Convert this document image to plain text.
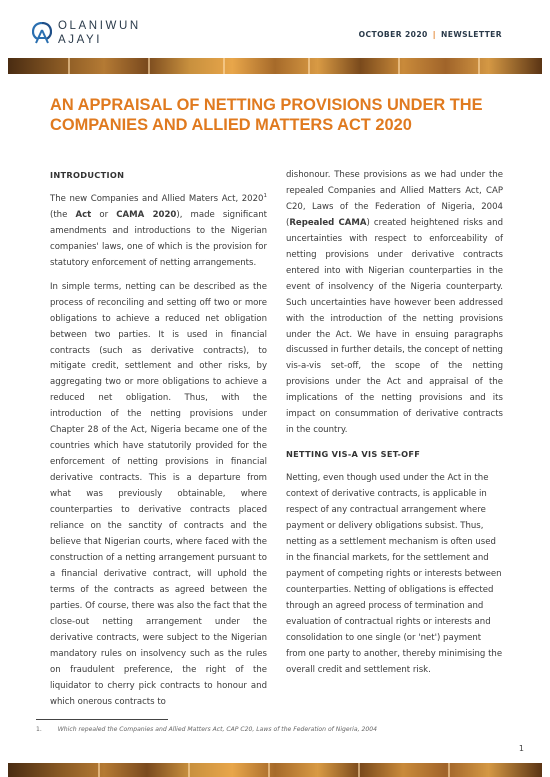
OLANIWUN
AJAYI	OCTOBER 2020 | NEWSLETTER
AN APPRAISAL OF NETTING PROVISIONS UNDER THE COMPANIES AND ALLIED MATTERS ACT 2020
INTRODUCTION

The new Companies and Allied Maters Act, 2020$^1$ (the Act or CAMA 2020), made significant amendments and introductions to the Nigerian companies' laws, one of which is the provision for statutory enforcement of netting arrangements.

In simple terms, netting can be described as the process of reconciling and setting off two or more obligations to achieve a reduced net obligation between two parties. It is used in financial contracts (such as derivative contracts), to mitigate credit, settlement and other risks, by aggregating two or more obligations to achieve a reduced net obligation. Thus, with the introduction of the netting provisions under Chapter 28 of the Act, Nigeria became one of the countries which have statutorily provided for the enforcement of netting provisions in financial derivative contracts. This is a departure from what was previously obtainable, where counterparties to derivative contracts placed reliance on the sanctity of contracts and the believe that Nigerian courts, where faced with the construction of a netting arrangement pursuant to a financial derivative contract, will uphold the terms of the contracts as agreed between the parties. Of course, there was also the fact that the close-out netting arrangement under the derivative contracts, were subject to the Nigerian mandatory rules on insolvency such as the rules on fraudulent preference, the right of the liquidator to cherry pick contracts to honour and which onerous contracts to

dishonour. These provisions as we had under the repealed Companies and Allied Matters Act, CAP C20, Laws of the Federation of Nigeria, 2004 (Repealed CAMA) created heightened risks and uncertainties with respect to enforceability of netting provisions under derivative contracts entered into with Nigerian counterparties in the event of insolvency of the Nigeria counterparty. Such uncertainties have however been addressed with the introduction of the netting provisions under the Act. We have in ensuing paragraphs discussed in further details, the concept of netting vis-a-vis set-off, the scope of the netting provisions under the Act and appraisal of the implications of the netting provisions and its impact on consummation of derivative contracts in the country.

NETTING VIS-A VIS SET-OFF

Netting, even though used under the Act in the context of derivative contracts, is applicable in respect of any contractual arrangement where payment or delivery obligations subsist. Thus, netting as a settlement mechanism is often used in the financial markets, for the settlement and payment of competing rights or interests between counterparties. Netting of obligations is effected through an agreed process of termination and evaluation of contractual rights or interests and consolidation to one single (or 'net') payment from one party to another, thereby minimising the overall credit and settlement risk.

1.	Which repealed the Companies and Allied Matters Act, CAP C20, Laws of the Federation of Nigeria, 2004
1
